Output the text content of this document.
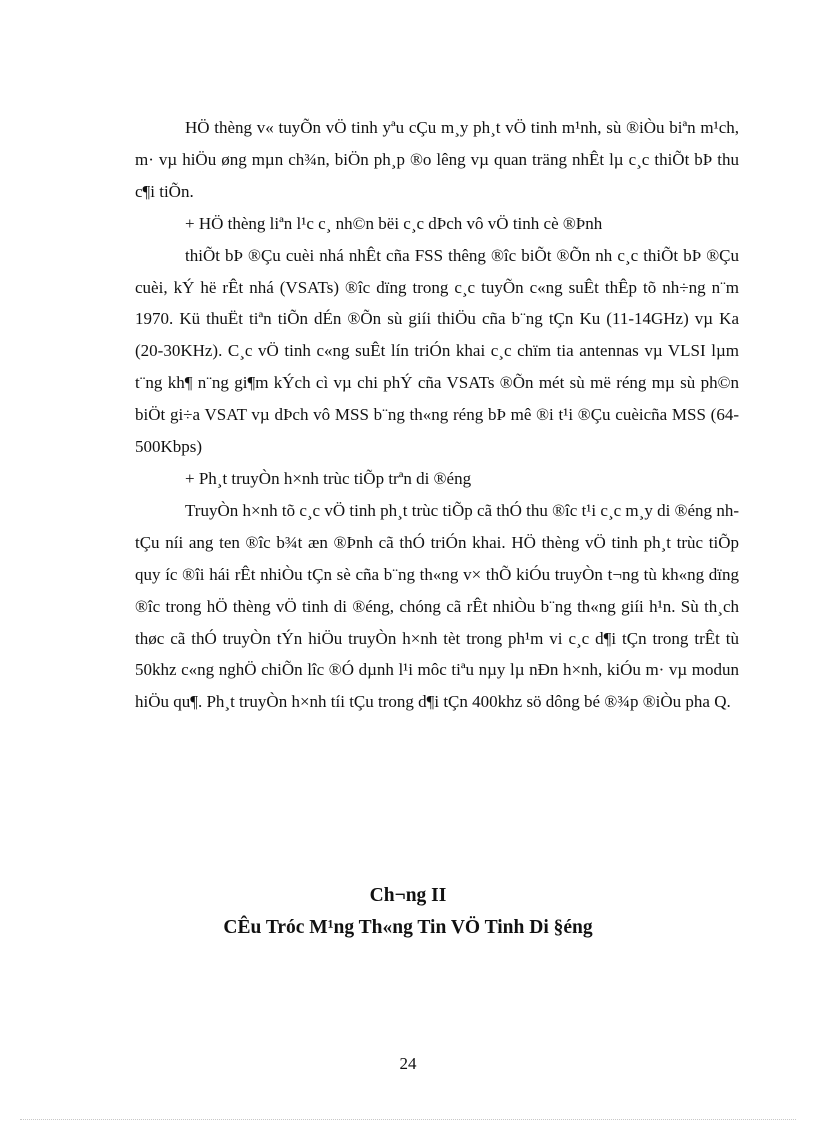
HÖ thèng v« tuyÕn vÖ tinh yªu cÇu m¸y ph¸t vÖ tinh m¹nh, sù ®iÒu biªn m¹ch, m· vµ hiÖu øng mµn ch¾n, biÖn ph¸p ®o lêng vµ quan träng nhÊt lµ c¸c thiÕt bÞ thu c¶i tiÕn.

+ HÖ thèng liªn l¹c c¸ nh©n bëi c¸c dÞch vô vÖ tinh cè ®Þnh

thiÕt bÞ ®Çu cuèi nhá nhÊt cña FSS thêng ®îc biÕt ®Õn nh c¸c thiÕt bÞ ®Çu cuèi, kÝ hë rÊt nhá (VSATs) ®îc dïng trong c¸c tuyÕn c«ng suÊt thÊp tõ nh÷ng n¨m 1970. Kü thuËt tiªn tiÕn dÉn ®Õn sù giíi thiÖu cña b¨ng tÇn Ku (11-14GHz) vµ Ka (20-30KHz). C¸c vÖ tinh c«ng suÊt lín triÓn khai c¸c chïm tia antennas vµ VLSI lµm t¨ng kh¶ n¨ng gi¶m kÝch cì vµ chi phÝ cña VSATs ®Õn mét sù më réng mµ sù ph©n biÖt gi÷a VSAT vµ dÞch vô MSS b¨ng th«ng réng bÞ mê ®i t¹i ®Çu cuèicña MSS (64-500Kbps)

+ Ph¸t truyÒn h×nh trùc tiÕp trªn di ®éng

TruyÒn h×nh tõ c¸c vÖ tinh ph¸t trùc tiÕp cã thÓ thu ®îc t¹i c¸c m¸y di ®éng nh tÇu níi ang ten ®îc b¾t æn ®Þnh cã thÓ triÓn khai. HÖ thèng vÖ tinh ph¸t trùc tiÕp quy íc ®îi hái rÊt nhiÒu tÇn sè cña b¨ng th«ng v× thÕ kiÓu truyÒn t¬ng tù kh«ng dïng ®îc trong hÖ thèng vÖ tinh di ®éng, chóng cã rÊt nhiÒu b¨ng th«ng giíi h¹n. Sù th¸ch thøc cã thÓ truyÒn tÝn hiÖu truyÒn h×nh tèt trong ph¹m vi c¸c d¶i tÇn trong trÊt tù 50khz c«ng nghÖ chiÕn lîc ®Ó dµnh l¹i môc tiªu nµy lµ nÐn h×nh, kiÓu m· vµ modun hiÖu qu¶. Ph¸t truyÒn h×nh tíi tÇu trong d¶i tÇn 400khz sö dông bé ®¾p ®iÒu pha Q.

Ch¬ng II
CÊu Tróc M¹ng Th«ng Tin VÖ Tinh Di §éng
24
